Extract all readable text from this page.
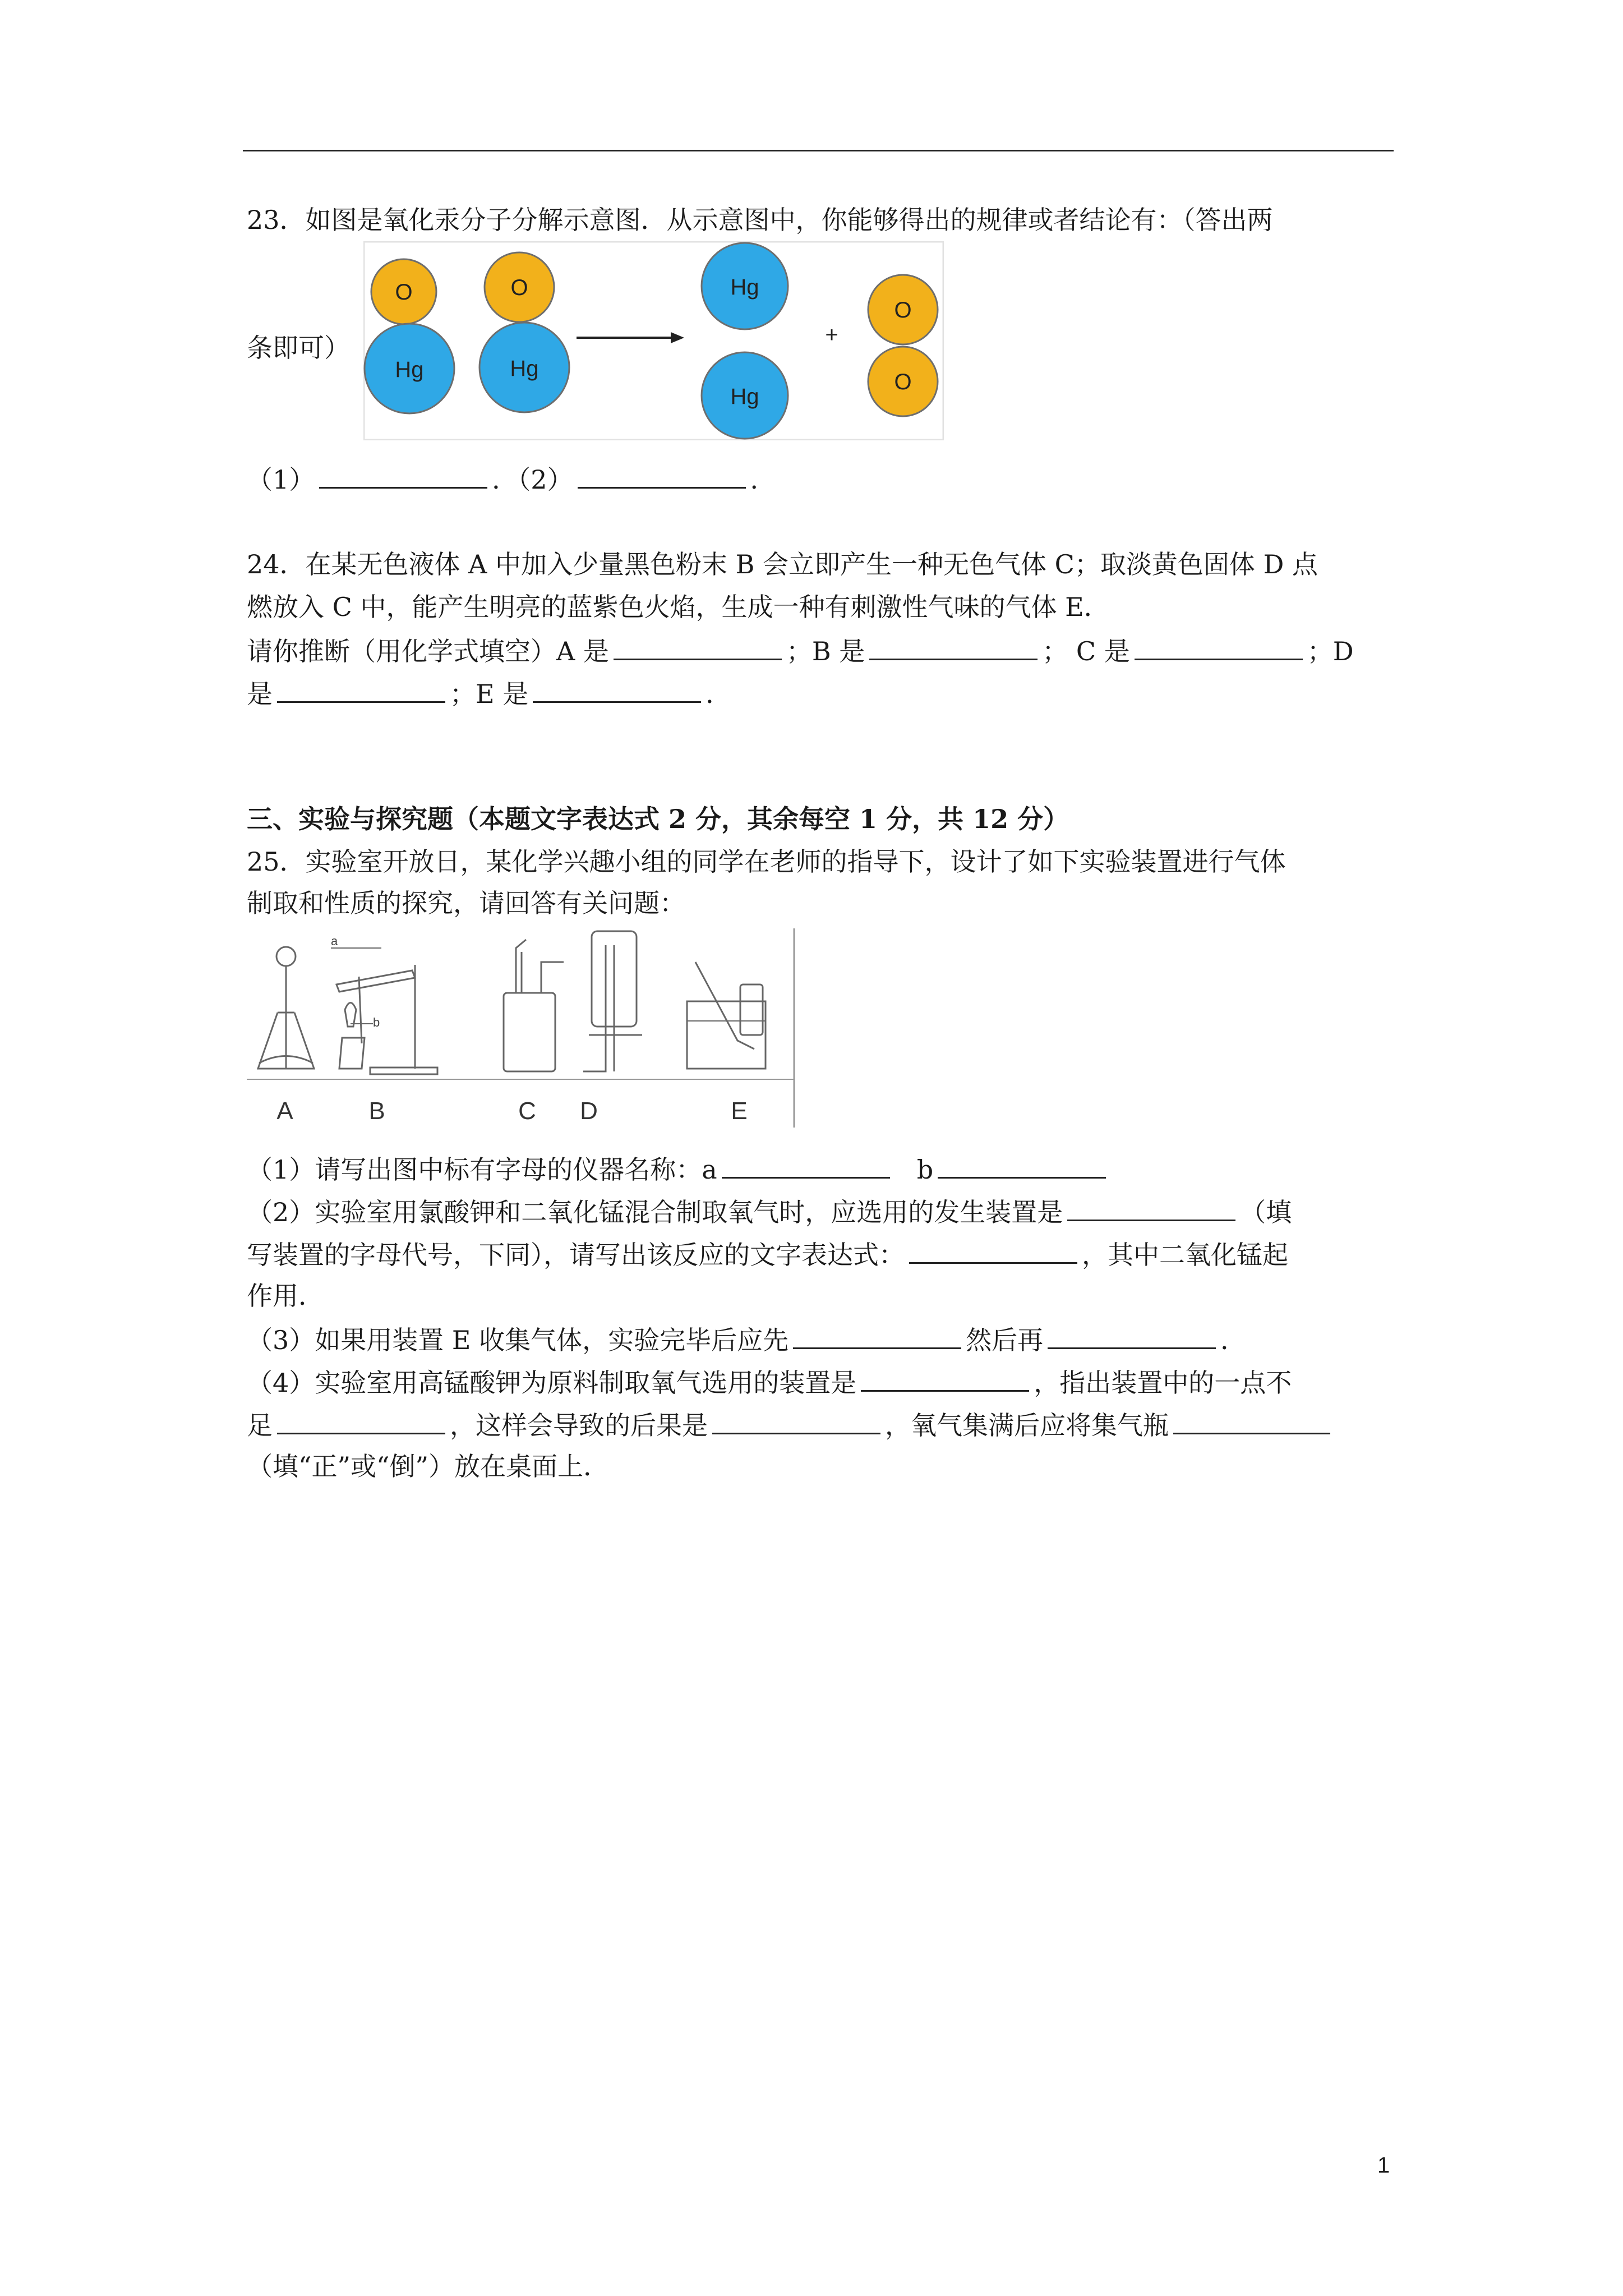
23．如图是氧化汞分子分解示意图．从示意图中，你能够得出的规律或者结论有：（答出两
条即可）
O
Hg
O
Hg
Hg
Hg
+
O
O
（1）	．（2）	．
24．在某无色液体 A 中加入少量黑色粉末 B 会立即产生一种无色气体 C；取淡黄色固体 D 点
燃放入 C 中，能产生明亮的蓝紫色火焰，生成一种有刺激性气味的气体 E．
请你推断（用化学式填空）A 是	；B 是	； C 是	；D
是	；E 是	．
三、实验与探究题（本题文字表达式 2 分，其余每空 1 分，共 12 分）
25．实验室开放日，某化学兴趣小组的同学在老师的指导下，设计了如下实验装置进行气体
制取和性质的探究，请回答有关问题：
a
b
A	B	C D	E
（1）请写出图中标有字母的仪器名称：a	b
（2）实验室用氯酸钾和二氧化锰混合制取氧气时，应选用的发生装置是	（填
写装置的字母代号，下同），请写出该反应的文字表达式：	，其中二氧化锰起
作用．
（3）如果用装置 E 收集气体，实验完毕后应先	然后再	．
（4）实验室用高锰酸钾为原料制取氧气选用的装置是	，指出装置中的一点不
足	，这样会导致的后果是	，氧气集满后应将集气瓶
（填“正”或“倒”）放在桌面上．
1
